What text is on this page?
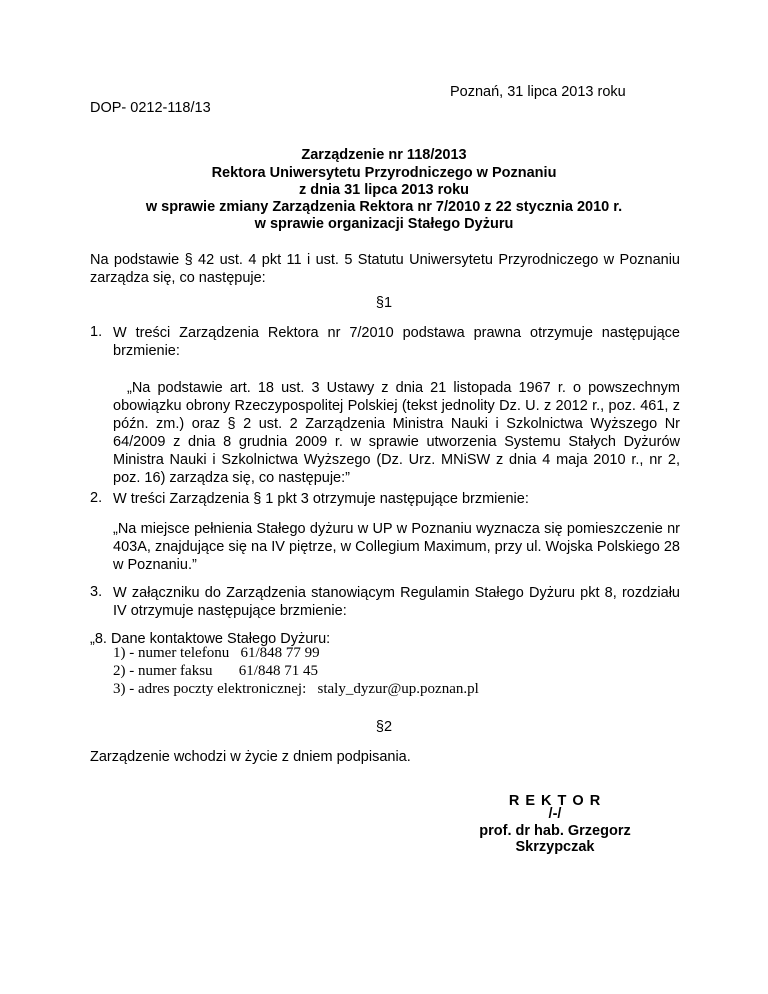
Poznań, 31 lipca 2013 roku
DOP- 0212-118/13
Zarządzenie nr 118/2013
Rektora Uniwersytetu Przyrodniczego w Poznaniu
z dnia 31 lipca 2013 roku
w sprawie zmiany Zarządzenia Rektora nr 7/2010 z 22 stycznia 2010 r.
w sprawie organizacji Stałego Dyżuru
Na podstawie § 42 ust. 4 pkt 11 i ust. 5 Statutu Uniwersytetu Przyrodniczego w Poznaniu zarządza się, co następuje:
§1
1. W treści Zarządzenia Rektora nr 7/2010 podstawa prawna otrzymuje następujące brzmienie:
„Na podstawie art. 18 ust. 3 Ustawy z dnia 21 listopada 1967 r. o powszechnym obowiązku obrony Rzeczypospolitej Polskiej (tekst jednolity Dz. U. z 2012 r., poz. 461, z późn. zm.) oraz § 2 ust. 2 Zarządzenia Ministra Nauki i Szkolnictwa Wyższego Nr 64/2009 z dnia 8 grudnia 2009 r. w sprawie utworzenia Systemu Stałych Dyżurów Ministra Nauki i Szkolnictwa Wyższego (Dz. Urz. MNiSW z dnia 4 maja 2010 r., nr 2, poz. 16) zarządza się, co następuje:”
2. W treści Zarządzenia § 1 pkt 3 otrzymuje następujące brzmienie:
„Na miejsce pełnienia Stałego dyżuru w UP w Poznaniu wyznacza się pomieszczenie nr 403A, znajdujące się na IV piętrze, w Collegium Maximum, przy ul. Wojska Polskiego 28 w Poznaniu.”
3. W załączniku do Zarządzenia stanowiącym Regulamin Stałego Dyżuru pkt 8, rozdziału IV otrzymuje następujące brzmienie:
„8. Dane kontaktowe Stałego Dyżuru:
1) - numer telefonu   61/848 77 99
2) - numer faksu       61/848 71 45
3) - adres poczty elektronicznej:   staly_dyzur@up.poznan.pl
§2
Zarządzenie wchodzi w życie z dniem podpisania.
R E K T O R
/-/
prof. dr hab. Grzegorz Skrzypczak
